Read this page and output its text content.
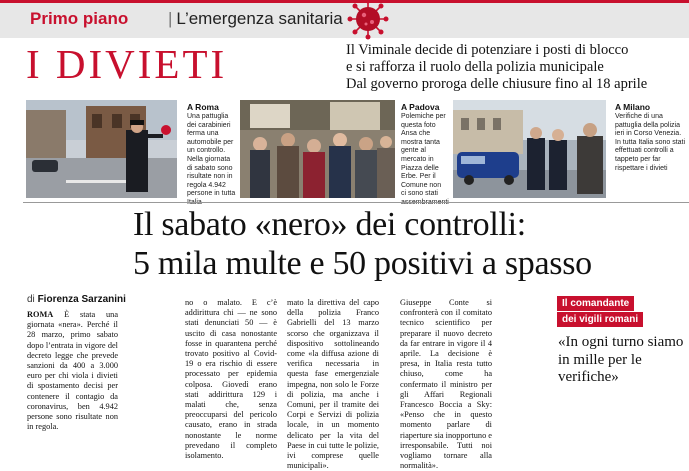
Primo piano | L’emergenza sanitaria
I DIVIETI	Il Viminale decide di potenziare i posti di blocco
e si rafforza il ruolo della polizia municipale
Dal governo proroga delle chiusure fino al 18 aprile
A Roma
Una pattuglia dei carabinieri ferma una automobile per un controllo. Nella giornata di sabato sono risultate non in regola 4.942 persone in tutta
A Padova
Polemiche per questa foto Ansa che mostra tanta gente al mercato in Piazza delle Erbe. Per il Comune non ci sono stati
A Milano
Verifiche di una pattuglia della polizia ieri in Corso Venezia. In tutta Italia sono stati effettuati controlli a tappeto per far rispettare i divieti
Il sabato «nero» dei controlli:
5 mila multe e 50 positivi a spasso
di Fiorenza Sarzanini
ROMA È stata una giornata «nera». Perché il 28 marzo, primo sabato dopo l’entrata in vigore del decreto legge che prevede sanzioni da 400 a 3.000 euro per chi viola i divieti di spostamento decisi per contenere il contagio da coronavirus, ben 4.942 persone sono risultate non in regola.
no o malato. E c’è addirittura chi — ne sono stati denunciati 50 — è uscito di casa nonostante fosse in quarantena perché trovato positivo al Covid-19 o era rischio di essere processato per epidemia colposa. Giovedì erano stati addirittura 129 i malati che, senza preoccuparsi del pericolo causato, erano in strada nonostante le norme prevedano il completo isolamento.
mato la direttiva del capo della polizia Franco Gabrielli del 13 marzo scorso che organizzava il dispositivo sottolineando come «la diffusa azione di verifica necessaria in questa fase emergenziale impegna, non solo le Forze di polizia, ma anche i Comuni, per il tramite dei Corpi e Servizi di polizia locale, in un momento delicato per la vita del Paese in cui tutte le polizie, ivi comprese quelle municipali».
Giuseppe Conte si confronterà con il comitato tecnico scientifico per preparare il nuovo decreto da far entrare in vigore il 4 aprile. La decisione è presa, in Italia resta tutto chiuso, come ha confermato il ministro per gli Affari Regionali Francesco Boccia a Sky: «Penso che in questo momento parlare di riaperture sia inopportuno e irresponsabile. Tutti noi vogliamo tornare alla normalità».
Il comandante
dei vigili romani
«In ogni turno siamo in mille per le verifiche»
